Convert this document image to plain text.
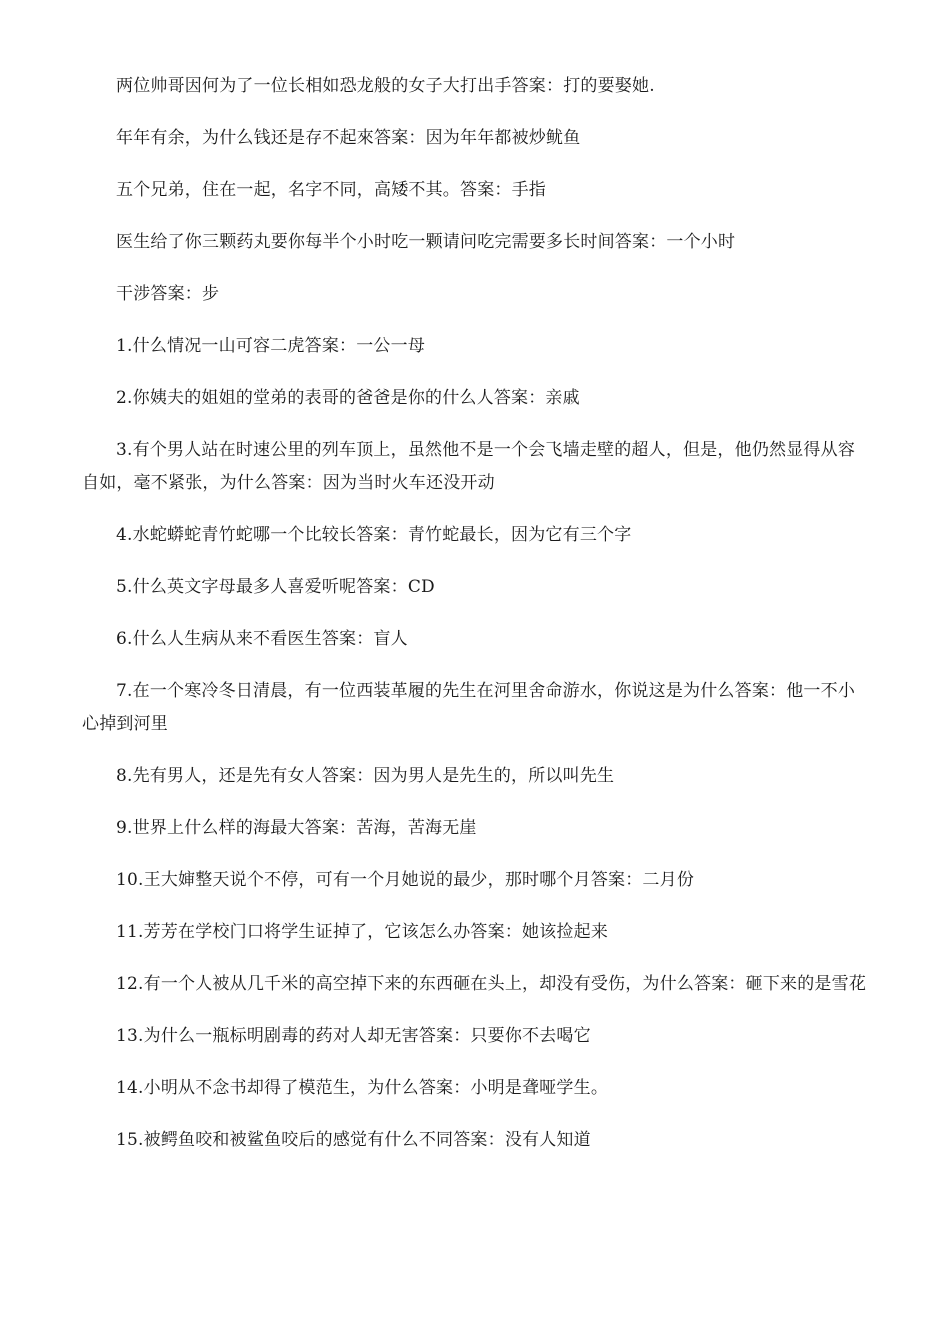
两位帅哥因何为了一位长相如恐龙般的女子大打出手答案：打的要娶她.

年年有余，为什么钱还是存不起來答案：因为年年都被炒鱿鱼

五个兄弟，住在一起，名字不同，高矮不其。答案：手指

医生给了你三颗药丸要你每半个小时吃一颗请问吃完需要多长时间答案：一个小时

干涉答案：步

1.什么情况一山可容二虎答案：一公一母

2.你姨夫的姐姐的堂弟的表哥的爸爸是你的什么人答案：亲戚

3.有个男人站在时速公里的列车顶上，虽然他不是一个会飞墙走壁的超人，但是，他仍然显得从容自如，毫不紧张，为什么答案：因为当时火车还没开动

4.水蛇蟒蛇青竹蛇哪一个比较长答案：青竹蛇最长，因为它有三个字

5.什么英文字母最多人喜爱听呢答案：CD

6.什么人生病从来不看医生答案：盲人

7.在一个寒冷冬日清晨，有一位西装革履的先生在河里舍命游水，你说这是为什么答案：他一不小心掉到河里

8.先有男人，还是先有女人答案：因为男人是先生的，所以叫先生

9.世界上什么样的海最大答案：苦海，苦海无崖

10.王大婶整天说个不停，可有一个月她说的最少，那时哪个月答案：二月份

11.芳芳在学校门口将学生证掉了，它该怎么办答案：她该捡起来

12.有一个人被从几千米的高空掉下来的东西砸在头上，却没有受伤，为什么答案：砸下来的是雪花

13.为什么一瓶标明剧毒的药对人却无害答案：只要你不去喝它

14.小明从不念书却得了模范生，为什么答案：小明是聋哑学生。

15.被鳄鱼咬和被鲨鱼咬后的感觉有什么不同答案：没有人知道
